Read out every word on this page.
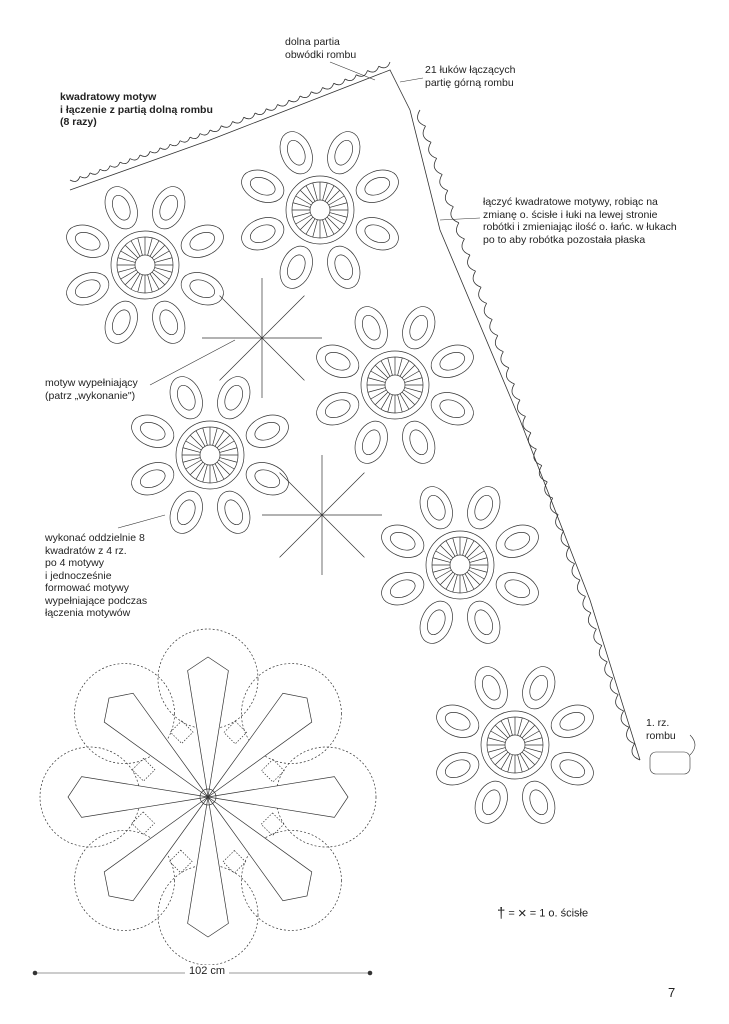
dolna partia
obwódki rombu
21 łuków łączących
partię górną rombu
kwadratowy motyw
i łączenie z partią dolną rombu
(8 razy)
łączyć kwadratowe motywy, robiąc na
zmianę o. ścisłe i łuki na lewej stronie
robótki i zmieniając ilość o. łańc. w łukach
po to aby robótka pozostała płaska
motyw wypełniający
(patrz „wykonanie")
wykonać oddzielnie 8
kwadratów z 4 rz.
po 4 motywy
i jednocześnie
formować motywy
wypełniające podczas
łączenia motywów
1. rz.
rombu
† = × = 1 o. ścisłe
102 cm
7
